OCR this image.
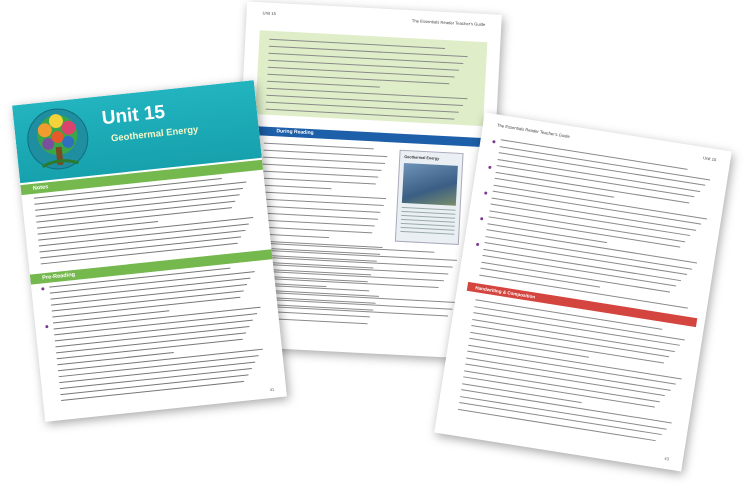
Unit 15
The Essentials Reader Teacher's Guide
During Reading
Geothermal Energy
The Essentials Reader Teacher's Guide
Unit 15
Handwriting & Composition
43
Unit 15
Geothermal Energy
Notes
Pre-Reading
41
